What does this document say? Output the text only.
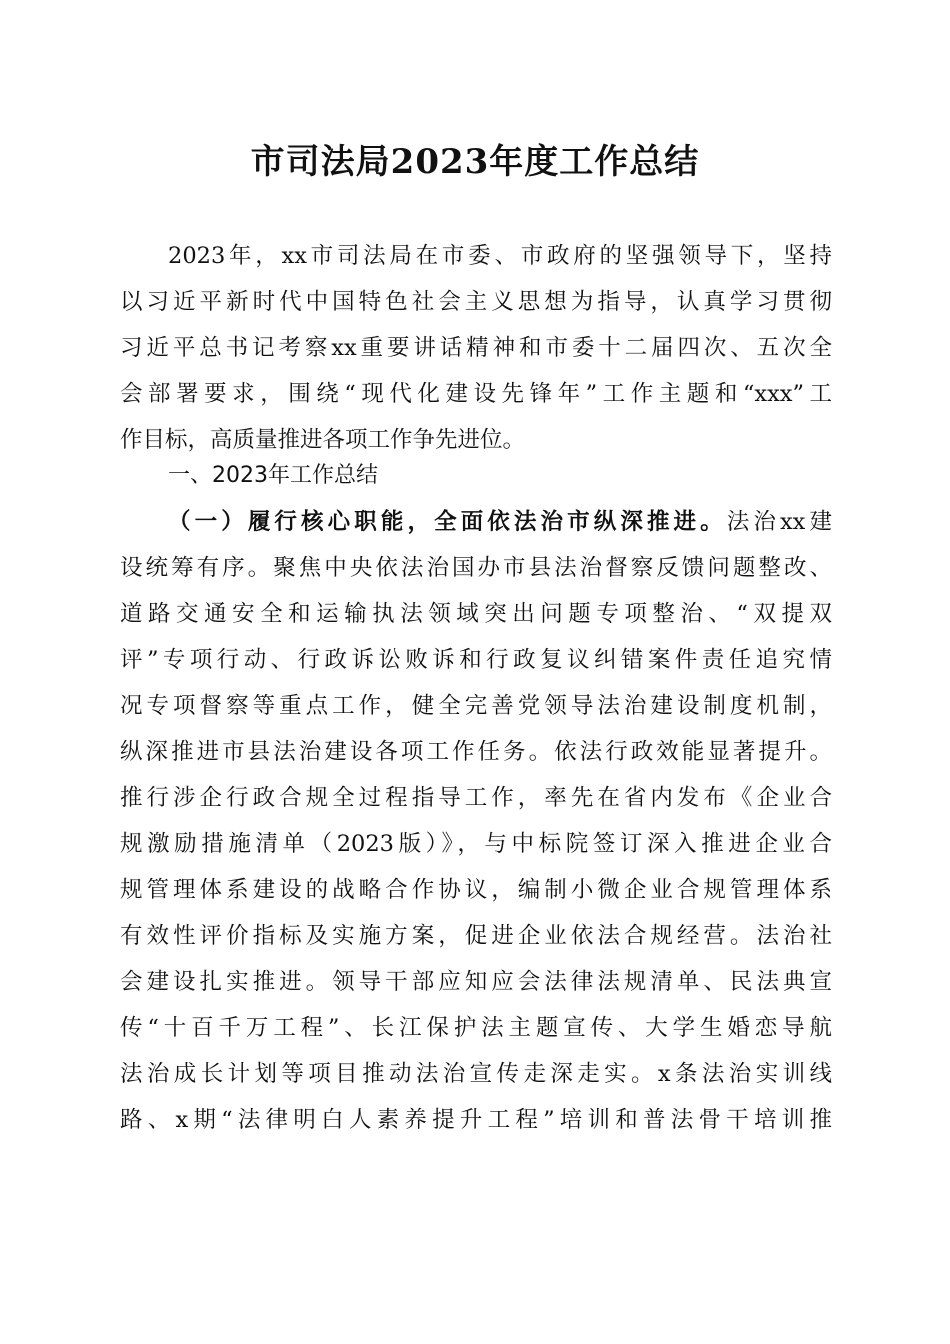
市司法局2023年度工作总结
2023年，xx市司法局在市委、市政府的坚强领导下，坚持
以习近平新时代中国特色社会主义思想为指导，认真学习贯彻
习近平总书记考察xx重要讲话精神和市委十二届四次、五次全
会部署要求，围绕“现代化建设先锋年”工作主题和“xxx”工
作目标，高质量推进各项工作争先进位。
一、2023年工作总结
（一）履行核心职能，全面依法治市纵深推进。法治xx建
设统筹有序。聚焦中央依法治国办市县法治督察反馈问题整改、
道路交通安全和运输执法领域突出问题专项整治、“双提双
评”专项行动、行政诉讼败诉和行政复议纠错案件责任追究情
况专项督察等重点工作，健全完善党领导法治建设制度机制，
纵深推进市县法治建设各项工作任务。依法行政效能显著提升。
推行涉企行政合规全过程指导工作，率先在省内发布《企业合
规激励措施清单（2023版）》，与中标院签订深入推进企业合
规管理体系建设的战略合作协议，编制小微企业合规管理体系
有效性评价指标及实施方案，促进企业依法合规经营。法治社
会建设扎实推进。领导干部应知应会法律法规清单、民法典宣
传“十百千万工程”、长江保护法主题宣传、大学生婚恋导航
法治成长计划等项目推动法治宣传走深走实。x条法治实训线
路、x期“法律明白人素养提升工程”培训和普法骨干培训推
